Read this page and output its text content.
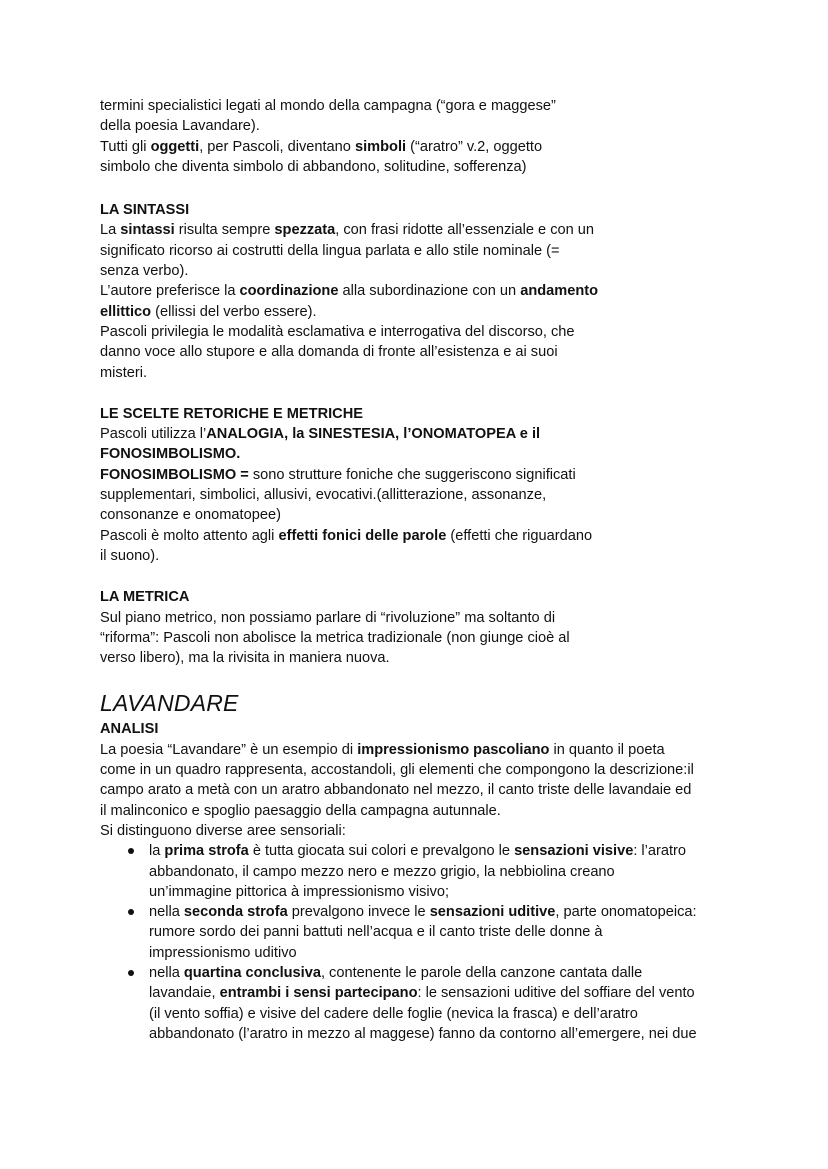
termini specialistici legati al mondo della campagna (“gora e maggese”

della poesia Lavandare).

Tutti gli oggetti, per Pascoli, diventano simboli (“aratro” v.2, oggetto

simbolo che diventa simbolo di abbandono, solitudine, sofferenza)

LA SINTASSI

La sintassi risulta sempre spezzata, con frasi ridotte all’essenziale e con un

significato ricorso ai costrutti della lingua parlata e allo stile nominale (=

senza verbo).

L’autore preferisce la coordinazione alla subordinazione con un andamento

ellittico (ellissi del verbo essere).

Pascoli privilegia le modalità esclamativa e interrogativa del discorso, che

danno voce allo stupore e alla domanda di fronte all’esistenza e ai suoi

misteri.

LE SCELTE RETORICHE E METRICHE

Pascoli utilizza l’ANALOGIA, la SINESTESIA, l’ONOMATOPEA e il

FONOSIMBOLISMO.

FONOSIMBOLISMO = sono strutture foniche che suggeriscono significati

supplementari, simbolici, allusivi, evocativi.(allitterazione, assonanze,

consonanze e onomatopee)

Pascoli è molto attento agli effetti fonici delle parole (effetti che riguardano

il suono).

LA METRICA

Sul piano metrico, non possiamo parlare di “rivoluzione” ma soltanto di

“riforma”: Pascoli non abolisce la metrica tradizionale (non giunge cioè al

verso libero), ma la rivisita in maniera nuova.

LAVANDARE

ANALISI

La poesia “Lavandare” è un esempio di impressionismo pascoliano in quanto il poeta

come in un quadro rappresenta, accostandoli, gli elementi che compongono la descrizione:il

campo arato a metà con un aratro abbandonato nel mezzo, il canto triste delle lavandaie ed

il malinconico e spoglio paesaggio della campagna autunnale.

Si distinguono diverse aree sensoriali:

la prima strofa è tutta giocata sui colori e prevalgono le sensazioni visive: l’aratro

abbandonato, il campo mezzo nero e mezzo grigio, la nebbiolina creano

un’immagine pittorica à impressionismo visivo;

nella seconda strofa prevalgono invece le sensazioni uditive, parte onomatopeica:

rumore sordo dei panni battuti nell’acqua e il canto triste delle donne à

impressionismo uditivo

nella quartina conclusiva, contenente le parole della canzone cantata dalle

lavandaie, entrambi i sensi partecipano: le sensazioni uditive del soffiare del vento

(il vento soffia) e visive del cadere delle foglie (nevica la frasca) e dell’aratro

abbandonato (l’aratro in mezzo al maggese) fanno da contorno all’emergere, nei due
